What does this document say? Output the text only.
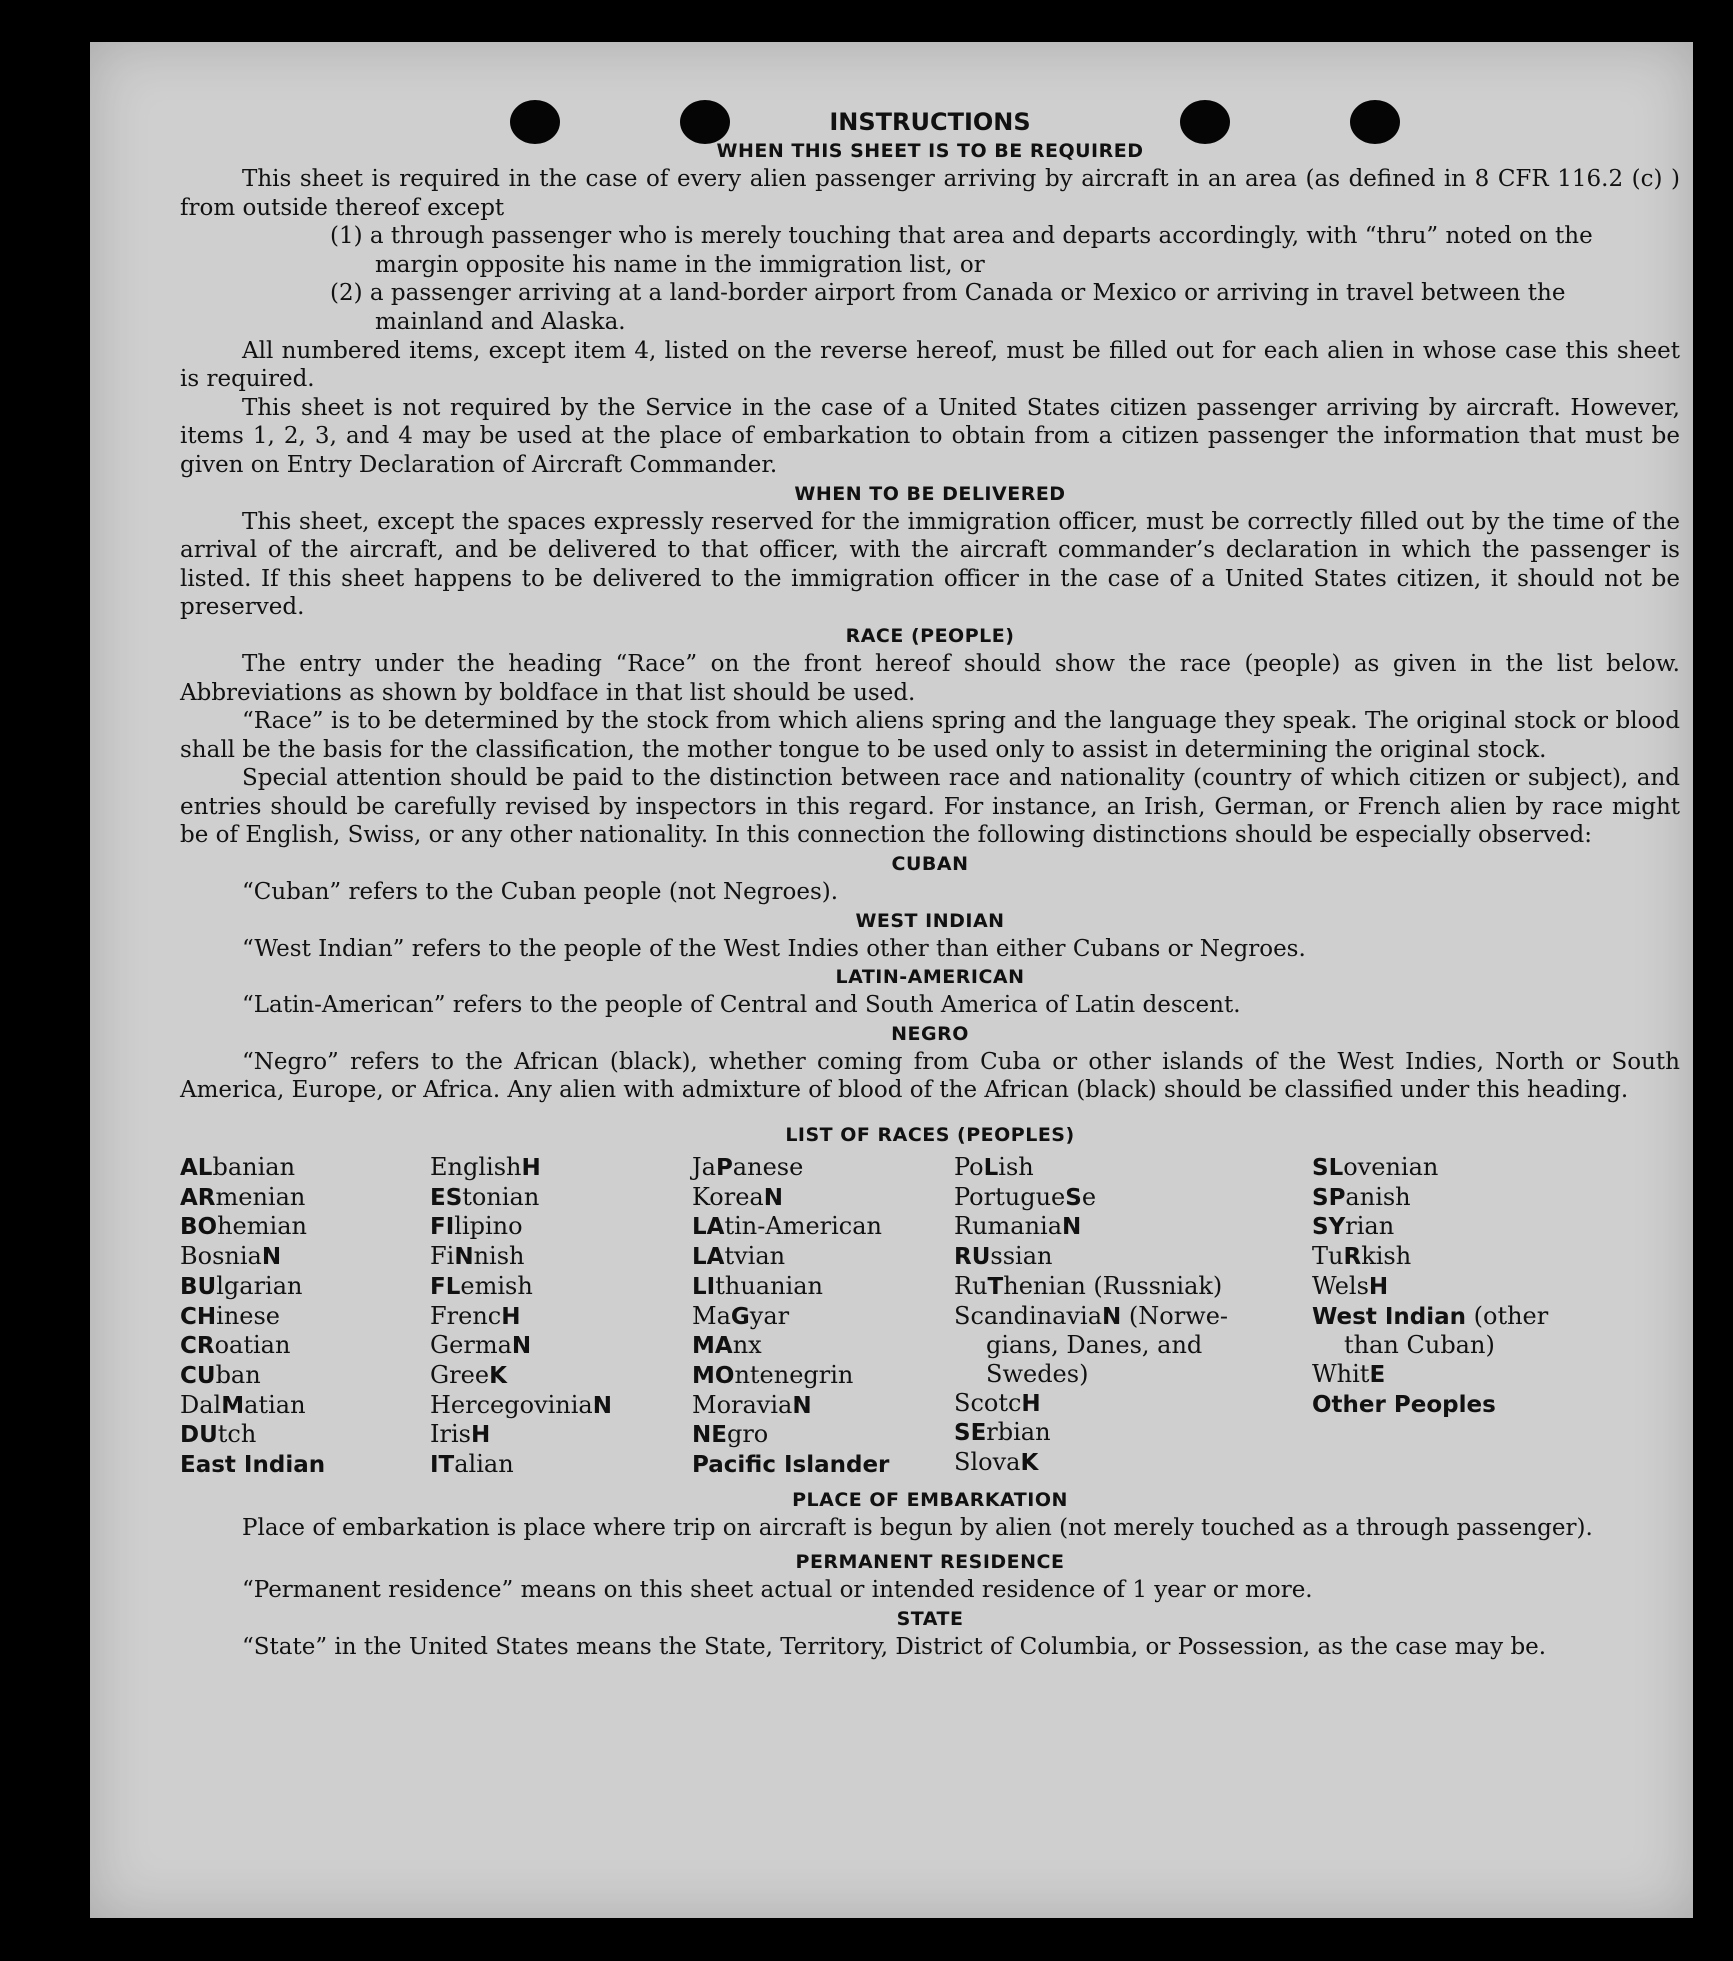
INSTRUCTIONS
WHEN THIS SHEET IS TO BE REQUIRED

This sheet is required in the case of every alien passenger arriving by aircraft in an area (as defined in 8 CFR 116.2 (c) ) from outside thereof except

(1) a through passenger who is merely touching that area and departs accordingly, with “thru” noted on the margin opposite his name in the immigration list, or

(2) a passenger arriving at a land-border airport from Canada or Mexico or arriving in travel between the mainland and Alaska.

All numbered items, except item 4, listed on the reverse hereof, must be filled out for each alien in whose case this sheet is required.

This sheet is not required by the Service in the case of a United States citizen passenger arriving by aircraft. However, items 1, 2, 3, and 4 may be used at the place of embarkation to obtain from a citizen passenger the information that must be given on Entry Declaration of Aircraft Commander.

WHEN TO BE DELIVERED

This sheet, except the spaces expressly reserved for the immigration officer, must be correctly filled out by the time of the arrival of the aircraft, and be delivered to that officer, with the aircraft commander’s declaration in which the passenger is listed. If this sheet happens to be delivered to the immigration officer in the case of a United States citizen, it should not be preserved.

RACE (PEOPLE)

The entry under the heading “Race” on the front hereof should show the race (people) as given in the list below. Abbreviations as shown by boldface in that list should be used.

“Race” is to be determined by the stock from which aliens spring and the language they speak. The original stock or blood shall be the basis for the classification, the mother tongue to be used only to assist in determining the original stock.

Special attention should be paid to the distinction between race and nationality (country of which citizen or subject), and entries should be carefully revised by inspectors in this regard. For instance, an Irish, German, or French alien by race might be of English, Swiss, or any other nationality. In this connection the following distinctions should be especially observed:

CUBAN

“Cuban” refers to the Cuban people (not Negroes).

WEST INDIAN

“West Indian” refers to the people of the West Indies other than either Cubans or Negroes.

LATIN-AMERICAN

“Latin-American” refers to the people of Central and South America of Latin descent.

NEGRO

“Negro” refers to the African (black), whether coming from Cuba or other islands of the West Indies, North or South America, Europe, or Africa. Any alien with admixture of blood of the African (black) should be classified under this heading.

LIST OF RACES (PEOPLES)
ALbanian
ARmenian
BOhemian
BosniaN
BUlgarian
CHinese
CRoatian
CUban
DalMatian
DUtch
East Indian
EnglishH
EStonian
FIlipino
FiNnish
FLemish
FrencH
GermaN
GreeK
HercegoviniaN
IrisH
ITalian
JaPanese
KoreaN
LAtin-American
LAtvian
LIthuanian
MaGyar
MAnx
MOntenegrin
MoraviaN
NEgro
Pacific Islander
PoLish
PortugueSe
RumaniaN
RUssian
RuThenian (Russniak)
ScandinaviaN (Norwe-
gians, Danes, and
Swedes)
ScotcH
SErbian
SlovaK
SLovenian
SPanish
SYrian
TuRkish
WelsH
West Indian (other
than Cuban)
WhitE
Other Peoples
PLACE OF EMBARKATION

Place of embarkation is place where trip on aircraft is begun by alien (not merely touched as a through passenger).

PERMANENT RESIDENCE

“Permanent residence” means on this sheet actual or intended residence of 1 year or more.

STATE

“State” in the United States means the State, Territory, District of Columbia, or Possession, as the case may be.
